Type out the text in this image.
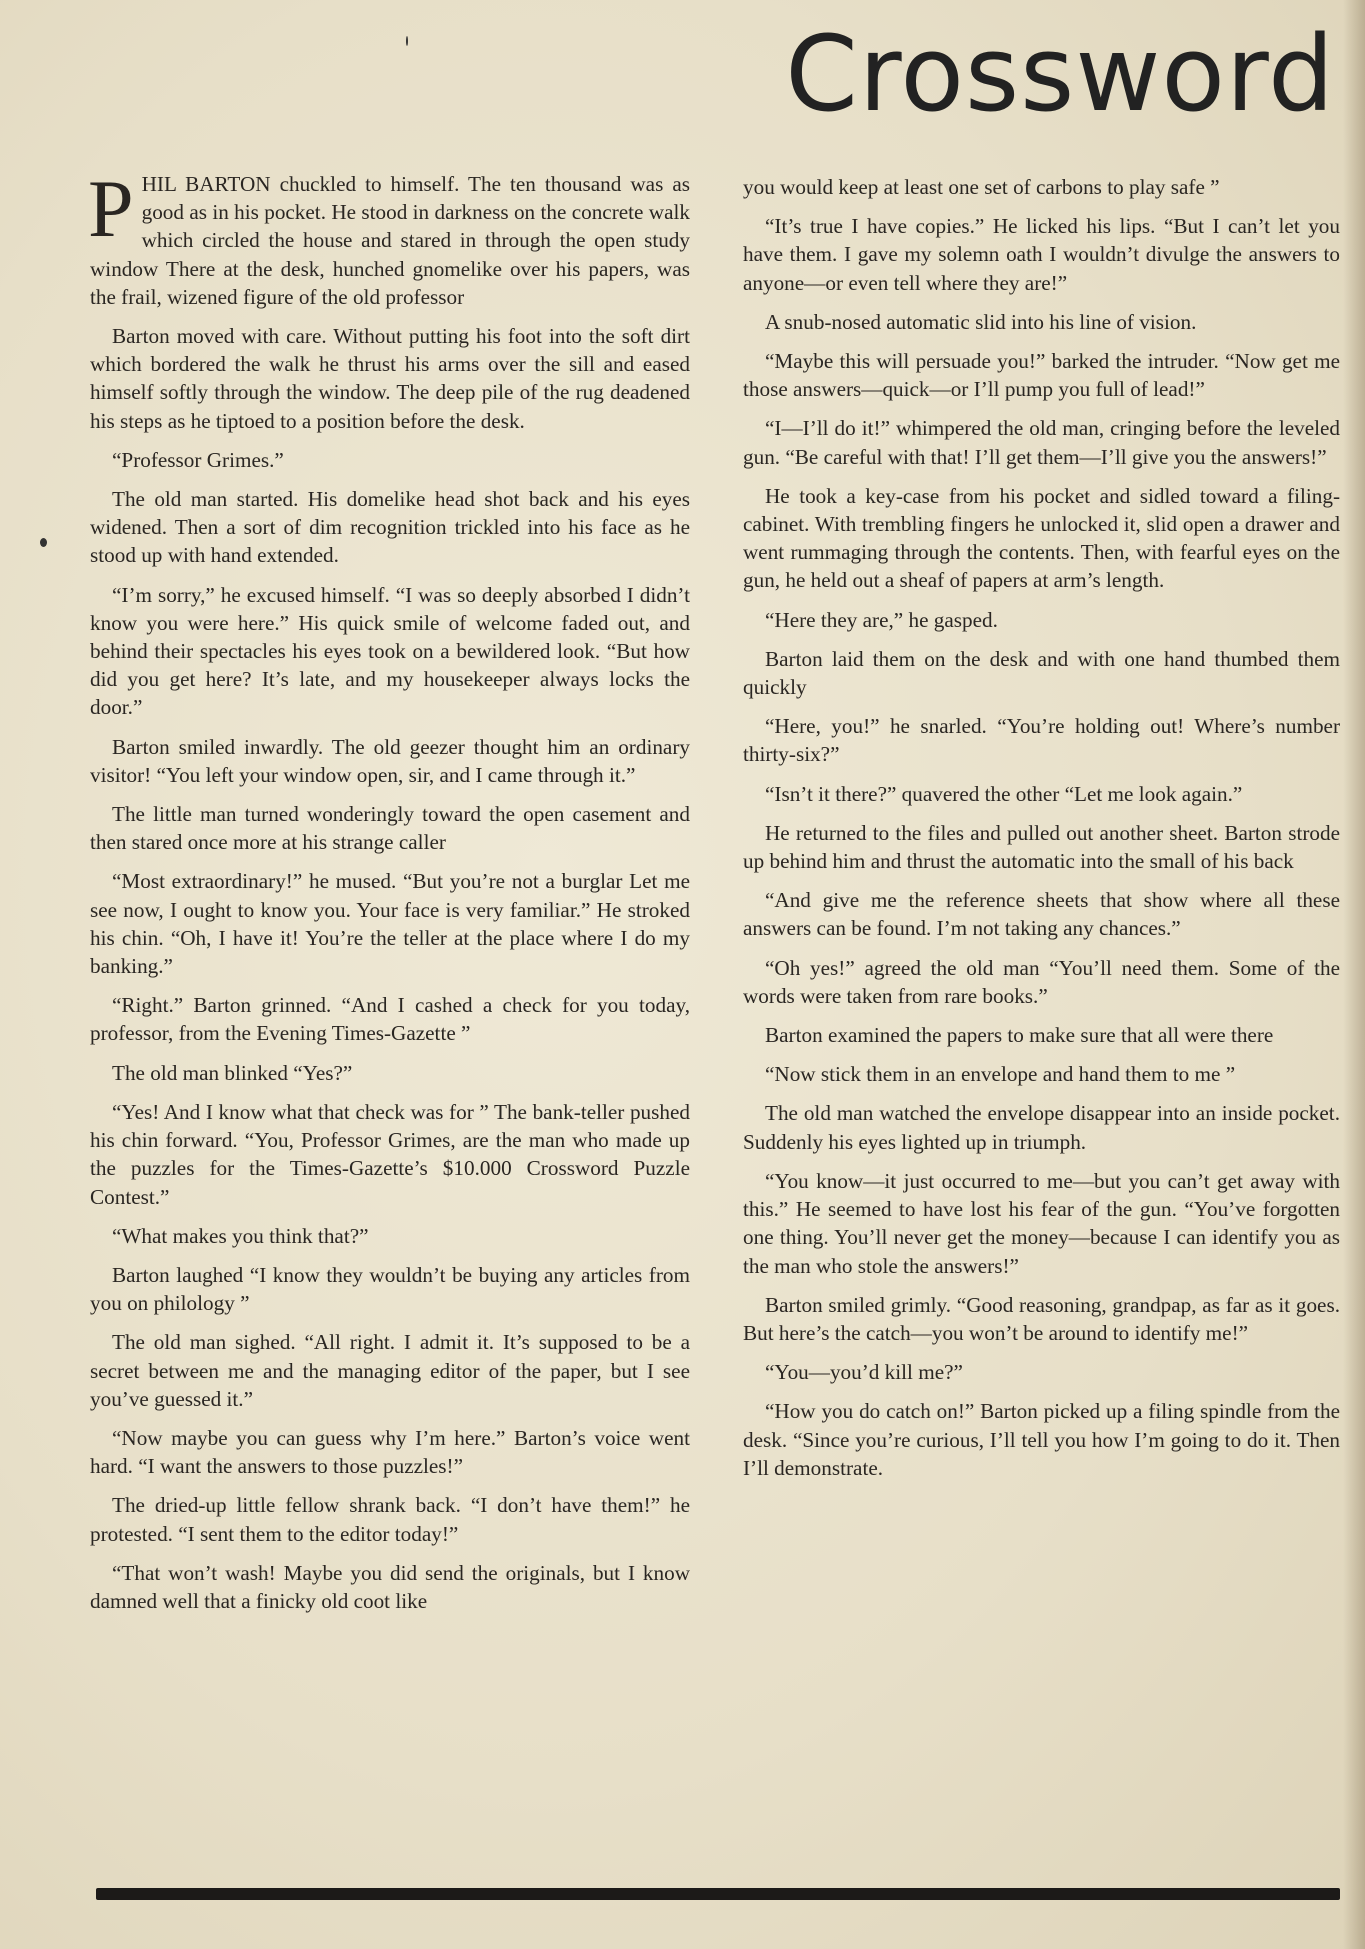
Crossword

PHIL BARTON chuckled to himself. The ten thousand was as good as in his pocket. He stood in darkness on the concrete walk which circled the house and stared in through the open study window There at the desk, hunched gnomelike over his papers, was the frail, wizened figure of the old professor

Barton moved with care. Without putting his foot into the soft dirt which bordered the walk he thrust his arms over the sill and eased himself softly through the window. The deep pile of the rug deadened his steps as he tiptoed to a position before the desk.

“Professor Grimes.”

The old man started. His domelike head shot back and his eyes widened. Then a sort of dim recognition trickled into his face as he stood up with hand extended.

“I’m sorry,” he excused himself. “I was so deeply absorbed I didn’t know you were here.” His quick smile of welcome faded out, and behind their spectacles his eyes took on a bewildered look. “But how did you get here? It’s late, and my housekeeper always locks the door.”

Barton smiled inwardly. The old geezer thought him an ordinary visitor! “You left your window open, sir, and I came through it.”

The little man turned wonderingly toward the open casement and then stared once more at his strange caller

“Most extraordinary!” he mused. “But you’re not a burglar Let me see now, I ought to know you. Your face is very familiar.” He stroked his chin. “Oh, I have it! You’re the teller at the place where I do my banking.”

“Right.” Barton grinned. “And I cashed a check for you today, professor, from the Evening Times-Gazette ”

The old man blinked “Yes?”

“Yes! And I know what that check was for ” The bank-teller pushed his chin forward. “You, Professor Grimes, are the man who made up the puzzles for the Times-Gazette’s $10.000 Crossword Puzzle Contest.”

“What makes you think that?”

Barton laughed “I know they wouldn’t be buying any articles from you on philology ”

The old man sighed. “All right. I admit it. It’s supposed to be a secret between me and the managing editor of the paper, but I see you’ve guessed it.”

“Now maybe you can guess why I’m here.” Barton’s voice went hard. “I want the answers to those puzzles!”

The dried-up little fellow shrank back. “I don’t have them!” he protested. “I sent them to the editor today!”

“That won’t wash! Maybe you did send the originals, but I know damned well that a finicky old coot like

you would keep at least one set of carbons to play safe ”

“It’s true I have copies.” He licked his lips. “But I can’t let you have them. I gave my solemn oath I wouldn’t divulge the answers to anyone—or even tell where they are!”

A snub-nosed automatic slid into his line of vision.

“Maybe this will persuade you!” barked the intruder. “Now get me those answers—quick—or I’ll pump you full of lead!”

“I—I’ll do it!” whimpered the old man, cringing before the leveled gun. “Be careful with that! I’ll get them—I’ll give you the answers!”

He took a key-case from his pocket and sidled toward a filing-cabinet. With trembling fingers he unlocked it, slid open a drawer and went rummaging through the contents. Then, with fearful eyes on the gun, he held out a sheaf of papers at arm’s length.

“Here they are,” he gasped.

Barton laid them on the desk and with one hand thumbed them quickly

“Here, you!” he snarled. “You’re holding out! Where’s number thirty-six?”

“Isn’t it there?” quavered the other “Let me look again.”

He returned to the files and pulled out another sheet. Barton strode up behind him and thrust the automatic into the small of his back

“And give me the reference sheets that show where all these answers can be found. I’m not taking any chances.”

“Oh yes!” agreed the old man “You’ll need them. Some of the words were taken from rare books.”

Barton examined the papers to make sure that all were there

“Now stick them in an envelope and hand them to me ”

The old man watched the envelope disappear into an inside pocket. Suddenly his eyes lighted up in triumph.

“You know—it just occurred to me—but you can’t get away with this.” He seemed to have lost his fear of the gun. “You’ve forgotten one thing. You’ll never get the money—because I can identify you as the man who stole the answers!”

Barton smiled grimly. “Good reasoning, grandpap, as far as it goes. But here’s the catch—you won’t be around to identify me!”

“You—you’d kill me?”

“How you do catch on!” Barton picked up a filing spindle from the desk. “Since you’re curious, I’ll tell you how I’m going to do it. Then I’ll demonstrate.
